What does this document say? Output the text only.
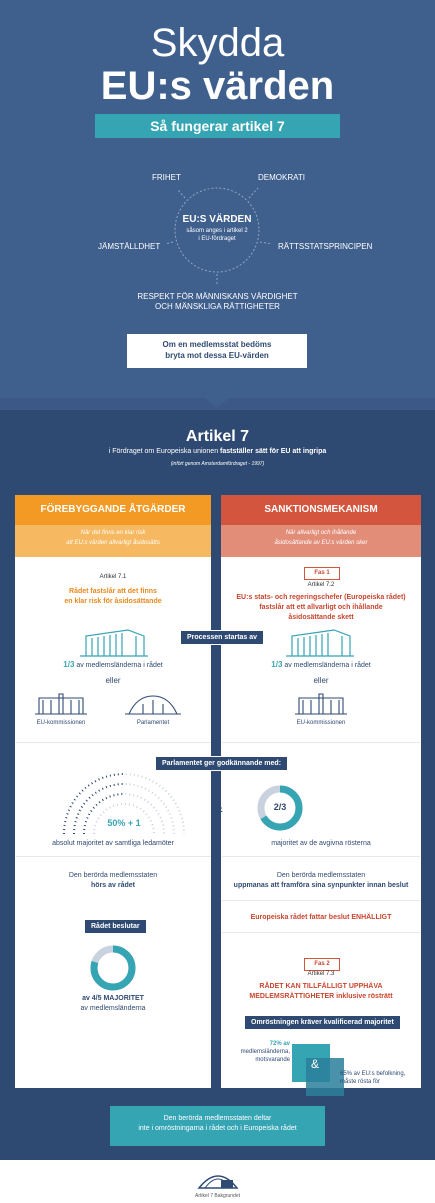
Skydda
EU:s värden
Så fungerar artikel 7
EU:S VÄRDEN
såsom anges i artikel 2 i EU-fördraget
FRIHET	DEMOKRATI
JÄMSTÄLLDHET	RÄTTSSTATSPRINCIPEN
RESPEKT FÖR MÄNNISKANS VÄRDIGHET
OCH MÄNSKLIGA RÄTTIGHETER
Om en medlemsstat bedöms
bryta mot dessa EU-värden
Artikel 7
i Fördraget om Europeiska unionen fastställer sätt för EU att ingripa
(infört genom Amsterdamfördraget - 1997)
FÖREBYGGANDE ÅTGÄRDER
När det finns en klar risk
att EU:s värden allvarligt åsidosätts
Artikel 7.1
Rådet fastslår att det finns
en klar risk för åsidosättande
1/3 av medlemsländerna i rådet
eller
EU-kommissionen	Parlamentet
SANKTIONSMEKANISM
När allvarligt och ihållande
åsidosättande av EU:s värden sker
Fas 1
Artikel 7.2
EU:s stats- och regeringschefer (Europeiska rådet)
fastslår att ett allvarligt och ihållande
åsidosättande skett
1/3 av medlemsländerna i rådet
eller
EU-kommissionen
Processen startas av
Parlamentet ger godkännande med:
50% + 1
absolut majoritet av samtliga ledamöter
&	2/3
majoritet av de avgivna rösterna
Den berörda medlemsstaten
hörs av rådet
Den berörda medlemsstaten
uppmanas att framföra sina synpunkter innan beslut
Europeiska rådet fattar beslut ENHÄLLIGT
Rådet beslutar
av 4/5 MAJORITET
av medlemsländerna
Fas 2
Artikel 7.3
RÅDET KAN TILLFÄLLIGT UPPHÄVA
MEDLEMSRÄTTIGHETER inklusive rösträtt
Omröstningen kräver kvalificerad majoritet
&
72% av
medlemsländerna,
motsvarande
65% av EU:s befolkning,
måste rösta för
Den berörda medlemsstaten deltar
inte i omröstningarna i rådet och i Europeiska rådet
Artikel 7 Bakgrundet
